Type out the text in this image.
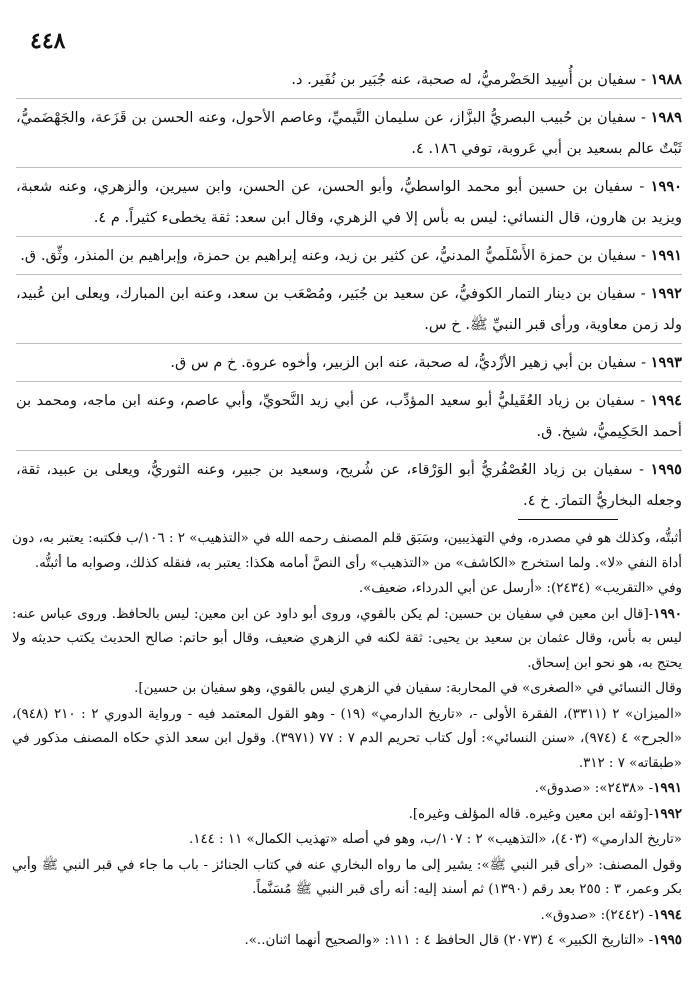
٤٤٨
١٩٨٨ - سفيان بن أُسِيد الحَضْرميُّ، له صحبة، عنه جُبَير بن نُفَير. د.
١٩٨٩ - سفيان بن حُبيب البصريُّ البزَّاز، عن سليمان التَّيميِّ، وعاصم الأحول، وعنه الحسن بن قَزَعة، والجَهْضَميُّ، ثَبْتٌ عالم بسعيد بن أبي عَروبة، توفي ١٨٦. ٤.
١٩٩٠ - سفيان بن حسين أبو محمد الواسطيُّ، وأبو الحسن، عن الحسن، وابن سيرين، والزهري، وعنه شعبة، ويزيد بن هارون، قال النسائي: ليس به بأس إلا في الزهري، وقال ابن سعد: ثقة يخطىء كثيراً. م ٤.
١٩٩١ - سفيان بن حمزة الأَسْلَميُّ المدنيُّ، عن كثير بن زيد، وعنه إبراهيم بن حمزة، وإبراهيم بن المنذر، وثِّق. ق.
١٩٩٢ - سفيان بن دينار التمار الكوفيُّ، عن سعيد بن جُبَير، ومُصْعَب بن سعد، وعنه ابن المبارك، ويعلى ابن عُبيد، ولد زمن معاوية، ورأى قبر النبيِّ ﷺ. خ س.
١٩٩٣ - سفيان بن أبي زهير الأزْديُّ، له صحبة، عنه ابن الزبير، وأخوه عروة. خ م س ق.
١٩٩٤ - سفيان بن زياد العُقَيليُّ أبو سعيد المؤدِّب، عن أبي زيد النَّحويِّ، وأبي عاصم، وعنه ابن ماجه، ومحمد بن أحمد الحَكِيميُّ، شيخ. ق.
١٩٩٥ - سفيان بن زياد العُصْفُريُّ أبو الوَرْقاء، عن شُريح، وسعيد بن جبير، وعنه الثوريُّ، ويعلى بن عبيد، ثقة، وجعله البخاريُّ التمارَ. خ ٤.
أثبتُّه، وكذلك هو في مصدره، وفي التهذيبين، وسَبَق قلم المصنف رحمه الله في «التذهيب» ٢ : ١٠٦/ب فكتبه: يعتبر به، دون أداة النفي «لا». ولما استخرج «الكاشف» من «التذهيب» رأى النصَّ أمامه هكذا: يعتبر به، فنقله كذلك، وصوابه ما أثبتُّه.
وفي «التقريب» (٢٤٣٤): «أرسل عن أبي الدرداء، ضعيف».
١٩٩٠-[قال ابن معين في سفيان بن حسين: لم يكن بالقوي، وروى أبو داود عن ابن معين: ليس بالحافظ. وروى عباس عنه: ليس به بأس، وقال عثمان بن سعيد بن يحيى: ثقة لكنه في الزهري ضعيف، وقال أبو حاتم: صالح الحديث يكتب حديثه ولا يحتج به، هو نحو ابن إسحاق.
وقال النسائي في «الصغرى» في المحاربة: سفيان في الزهري ليس بالقوي، وهو سفيان بن حسين].
«الميزان» ٢ (٣٣١١)، الفقرة الأولى -، «تاريخ الدارمي» (١٩) - وهو القول المعتمد فيه - ورواية الدوري ٢ : ٢١٠ (٩٤٨)، «الجرح» ٤ (٩٧٤)، «سنن النسائي»: أول كتاب تحريم الدم ٧ : ٧٧ (٣٩٧١). وقول ابن سعد الذي حكاه المصنف مذكور في «طبقاته» ٧ : ٣١٢.
١٩٩١- «٢٤٣٨»: «صدوق».
١٩٩٢-[وثقه ابن معين وغيره. قاله المؤلف وغيره].
«تاريخ الدارمي» (٤٠٣)، «التذهيب» ٢ : ١٠٧/ب، وهو في أصله «تهذيب الكمال» ١١ : ١٤٤.
وقول المصنف: «رأى قبر النبي ﷺ»: يشير إلى ما رواه البخاري عنه في كتاب الجنائز - باب ما جاء في قبر النبي ﷺ وأبي بكر وعمر، ٣ : ٢٥٥ بعد رقم (١٣٩٠) ثم أسند إليه: أنه رأى قبر النبي ﷺ مُسَنَّماً.
١٩٩٤- (٢٤٤٢): «صدوق».
١٩٩٥- «التاريخ الكبير» ٤ (٢٠٧٣) قال الحافظ ٤ : ١١١: «والصحيح أنهما اثنان..».
